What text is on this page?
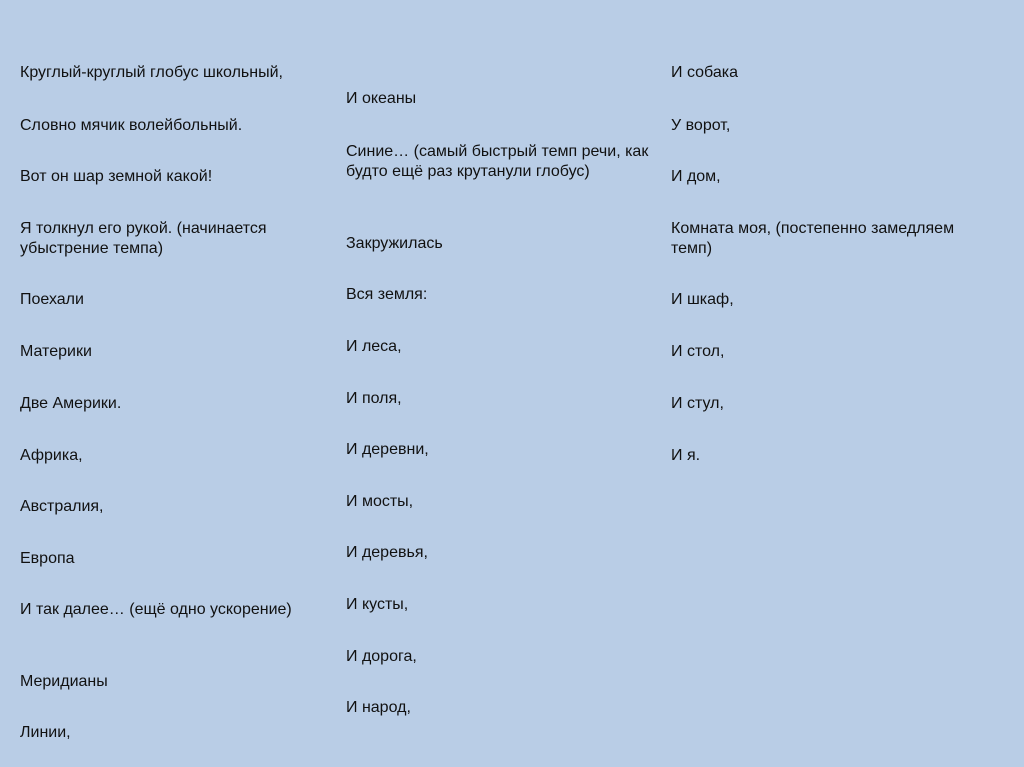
Круглый-круглый глобус школьный,
Словно мячик волейбольный.
Вот он шар земной какой!
Я толкнул его рукой. (начинается убыстрение темпа)
Поехали
Материки
Две Америки.
Африка,
Австралия,
Европа
И так далее… (ещё одно ускорение)
Меридианы
Линии,
И океаны
Синие… (самый быстрый темп речи, как будто ещё раз крутанули глобус)
Закружилась
Вся земля:
И леса,
И поля,
И деревни,
И мосты,
И деревья,
И кусты,
И дорога,
И народ,
И собака
У ворот,
И дом,
Комната моя, (постепенно замедляем темп)
И шкаф,
И стол,
И стул,
И я.
